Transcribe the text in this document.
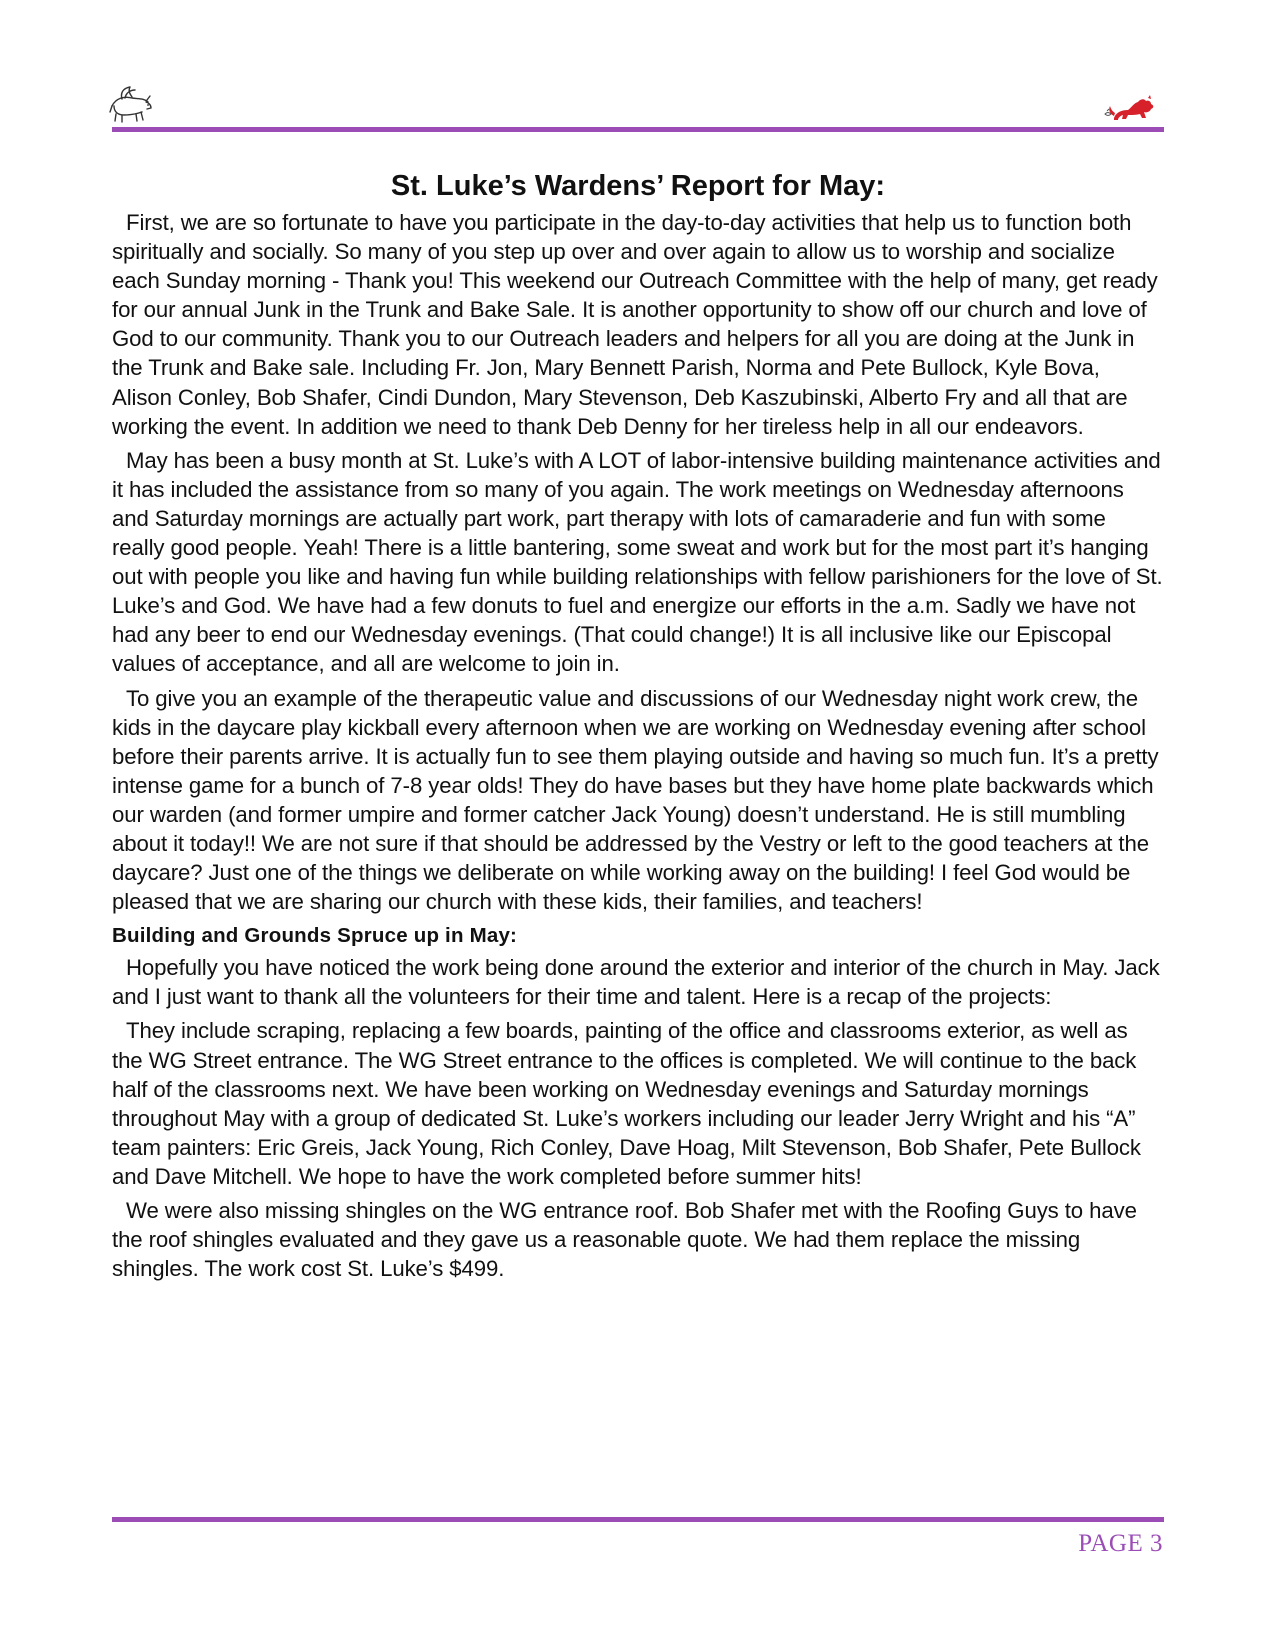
St. Luke’s Wardens’ Report for May:

First, we are so fortunate to have you participate in the day-to-day activities that help us to function both spiritually and socially. So many of you step up over and over again to allow us to worship and socialize each Sunday morning - Thank you! This weekend our Outreach Committee with the help of many, get ready for our annual Junk in the Trunk and Bake Sale. It is another opportunity to show off our church and love of God to our community. Thank you to our Outreach leaders and helpers for all you are doing at the Junk in the Trunk and Bake sale. Including Fr. Jon, Mary Bennett Parish, Norma and Pete Bullock, Kyle Bova, Alison Conley, Bob Shafer, Cindi Dundon, Mary Stevenson, Deb Kaszubinski, Alberto Fry and all that are working the event. In addition we need to thank Deb Denny for her tireless help in all our endeavors.

May has been a busy month at St. Luke’s with A LOT of labor-intensive building maintenance activities and it has included the assistance from so many of you again. The work meetings on Wednesday afternoons and Saturday mornings are actually part work, part therapy with lots of camaraderie and fun with some really good people. Yeah! There is a little bantering, some sweat and work but for the most part it’s hanging out with people you like and having fun while building relationships with fellow parishioners for the love of St. Luke’s and God. We have had a few donuts to fuel and energize our efforts in the a.m. Sadly we have not had any beer to end our Wednesday evenings. (That could change!) It is all inclusive like our Episcopal values of acceptance, and all are welcome to join in.

To give you an example of the therapeutic value and discussions of our Wednesday night work crew, the kids in the daycare play kickball every afternoon when we are working on Wednesday evening after school before their parents arrive. It is actually fun to see them playing outside and having so much fun. It’s a pretty intense game for a bunch of 7-8 year olds! They do have bases but they have home plate backwards which our warden (and former umpire and former catcher Jack Young) doesn’t understand. He is still mumbling about it today!! We are not sure if that should be addressed by the Vestry or left to the good teachers at the daycare? Just one of the things we deliberate on while working away on the building! I feel God would be pleased that we are sharing our church with these kids, their families, and teachers!

Building and Grounds Spruce up in May:

Hopefully you have noticed the work being done around the exterior and interior of the church in May. Jack and I just want to thank all the volunteers for their time and talent. Here is a recap of the projects:

They include scraping, replacing a few boards, painting of the office and classrooms exterior, as well as the WG Street entrance. The WG Street entrance to the offices is completed. We will continue to the back half of the classrooms next. We have been working on Wednesday evenings and Saturday mornings throughout May with a group of dedicated St. Luke’s workers including our leader Jerry Wright and his “A” team painters: Eric Greis, Jack Young, Rich Conley, Dave Hoag, Milt Stevenson, Bob Shafer, Pete Bullock and Dave Mitchell. We hope to have the work completed before summer hits!

We were also missing shingles on the WG entrance roof. Bob Shafer met with the Roofing Guys to have the roof shingles evaluated and they gave us a reasonable quote. We had them replace the missing shingles. The work cost St. Luke’s $499.

PAGE 3
